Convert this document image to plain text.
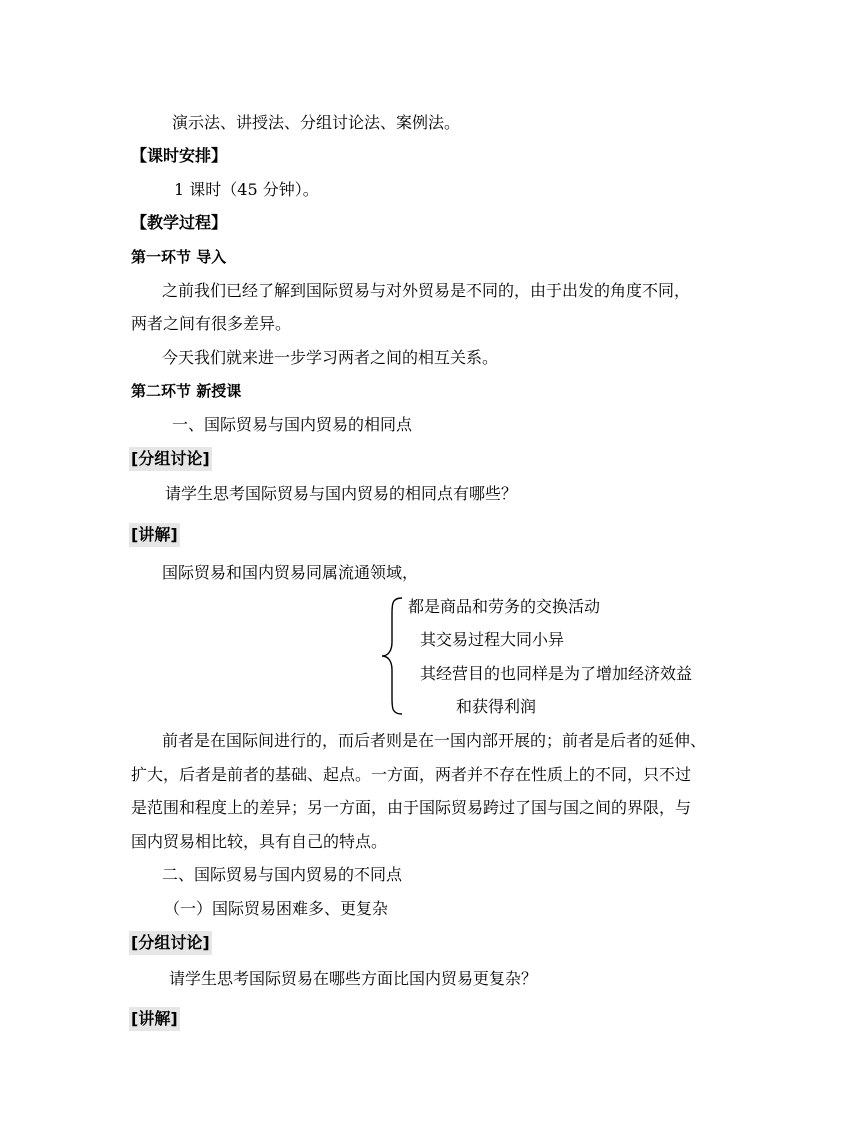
演示法、讲授法、分组讨论法、案例法。
【课时安排】
1 课时（45 分钟）。
【教学过程】
第一环节 导入
之前我们已经了解到国际贸易与对外贸易是不同的，由于出发的角度不同，
两者之间有很多差异。
今天我们就来进一步学习两者之间的相互关系。
第二环节 新授课
一、国际贸易与国内贸易的相同点
[分组讨论]
请学生思考国际贸易与国内贸易的相同点有哪些？
[讲解]
国际贸易和国内贸易同属流通领域，
都是商品和劳务的交换活动
其交易过程大同小异
其经营目的也同样是为了增加经济效益
和获得利润
前者是在国际间进行的，而后者则是在一国内部开展的；前者是后者的延伸、
扩大，后者是前者的基础、起点。一方面，两者并不存在性质上的不同，只不过
是范围和程度上的差异；另一方面，由于国际贸易跨过了国与国之间的界限，与
国内贸易相比较，具有自己的特点。
二、国际贸易与国内贸易的不同点
（一）国际贸易困难多、更复杂
[分组讨论]
请学生思考国际贸易在哪些方面比国内贸易更复杂？
[讲解]
